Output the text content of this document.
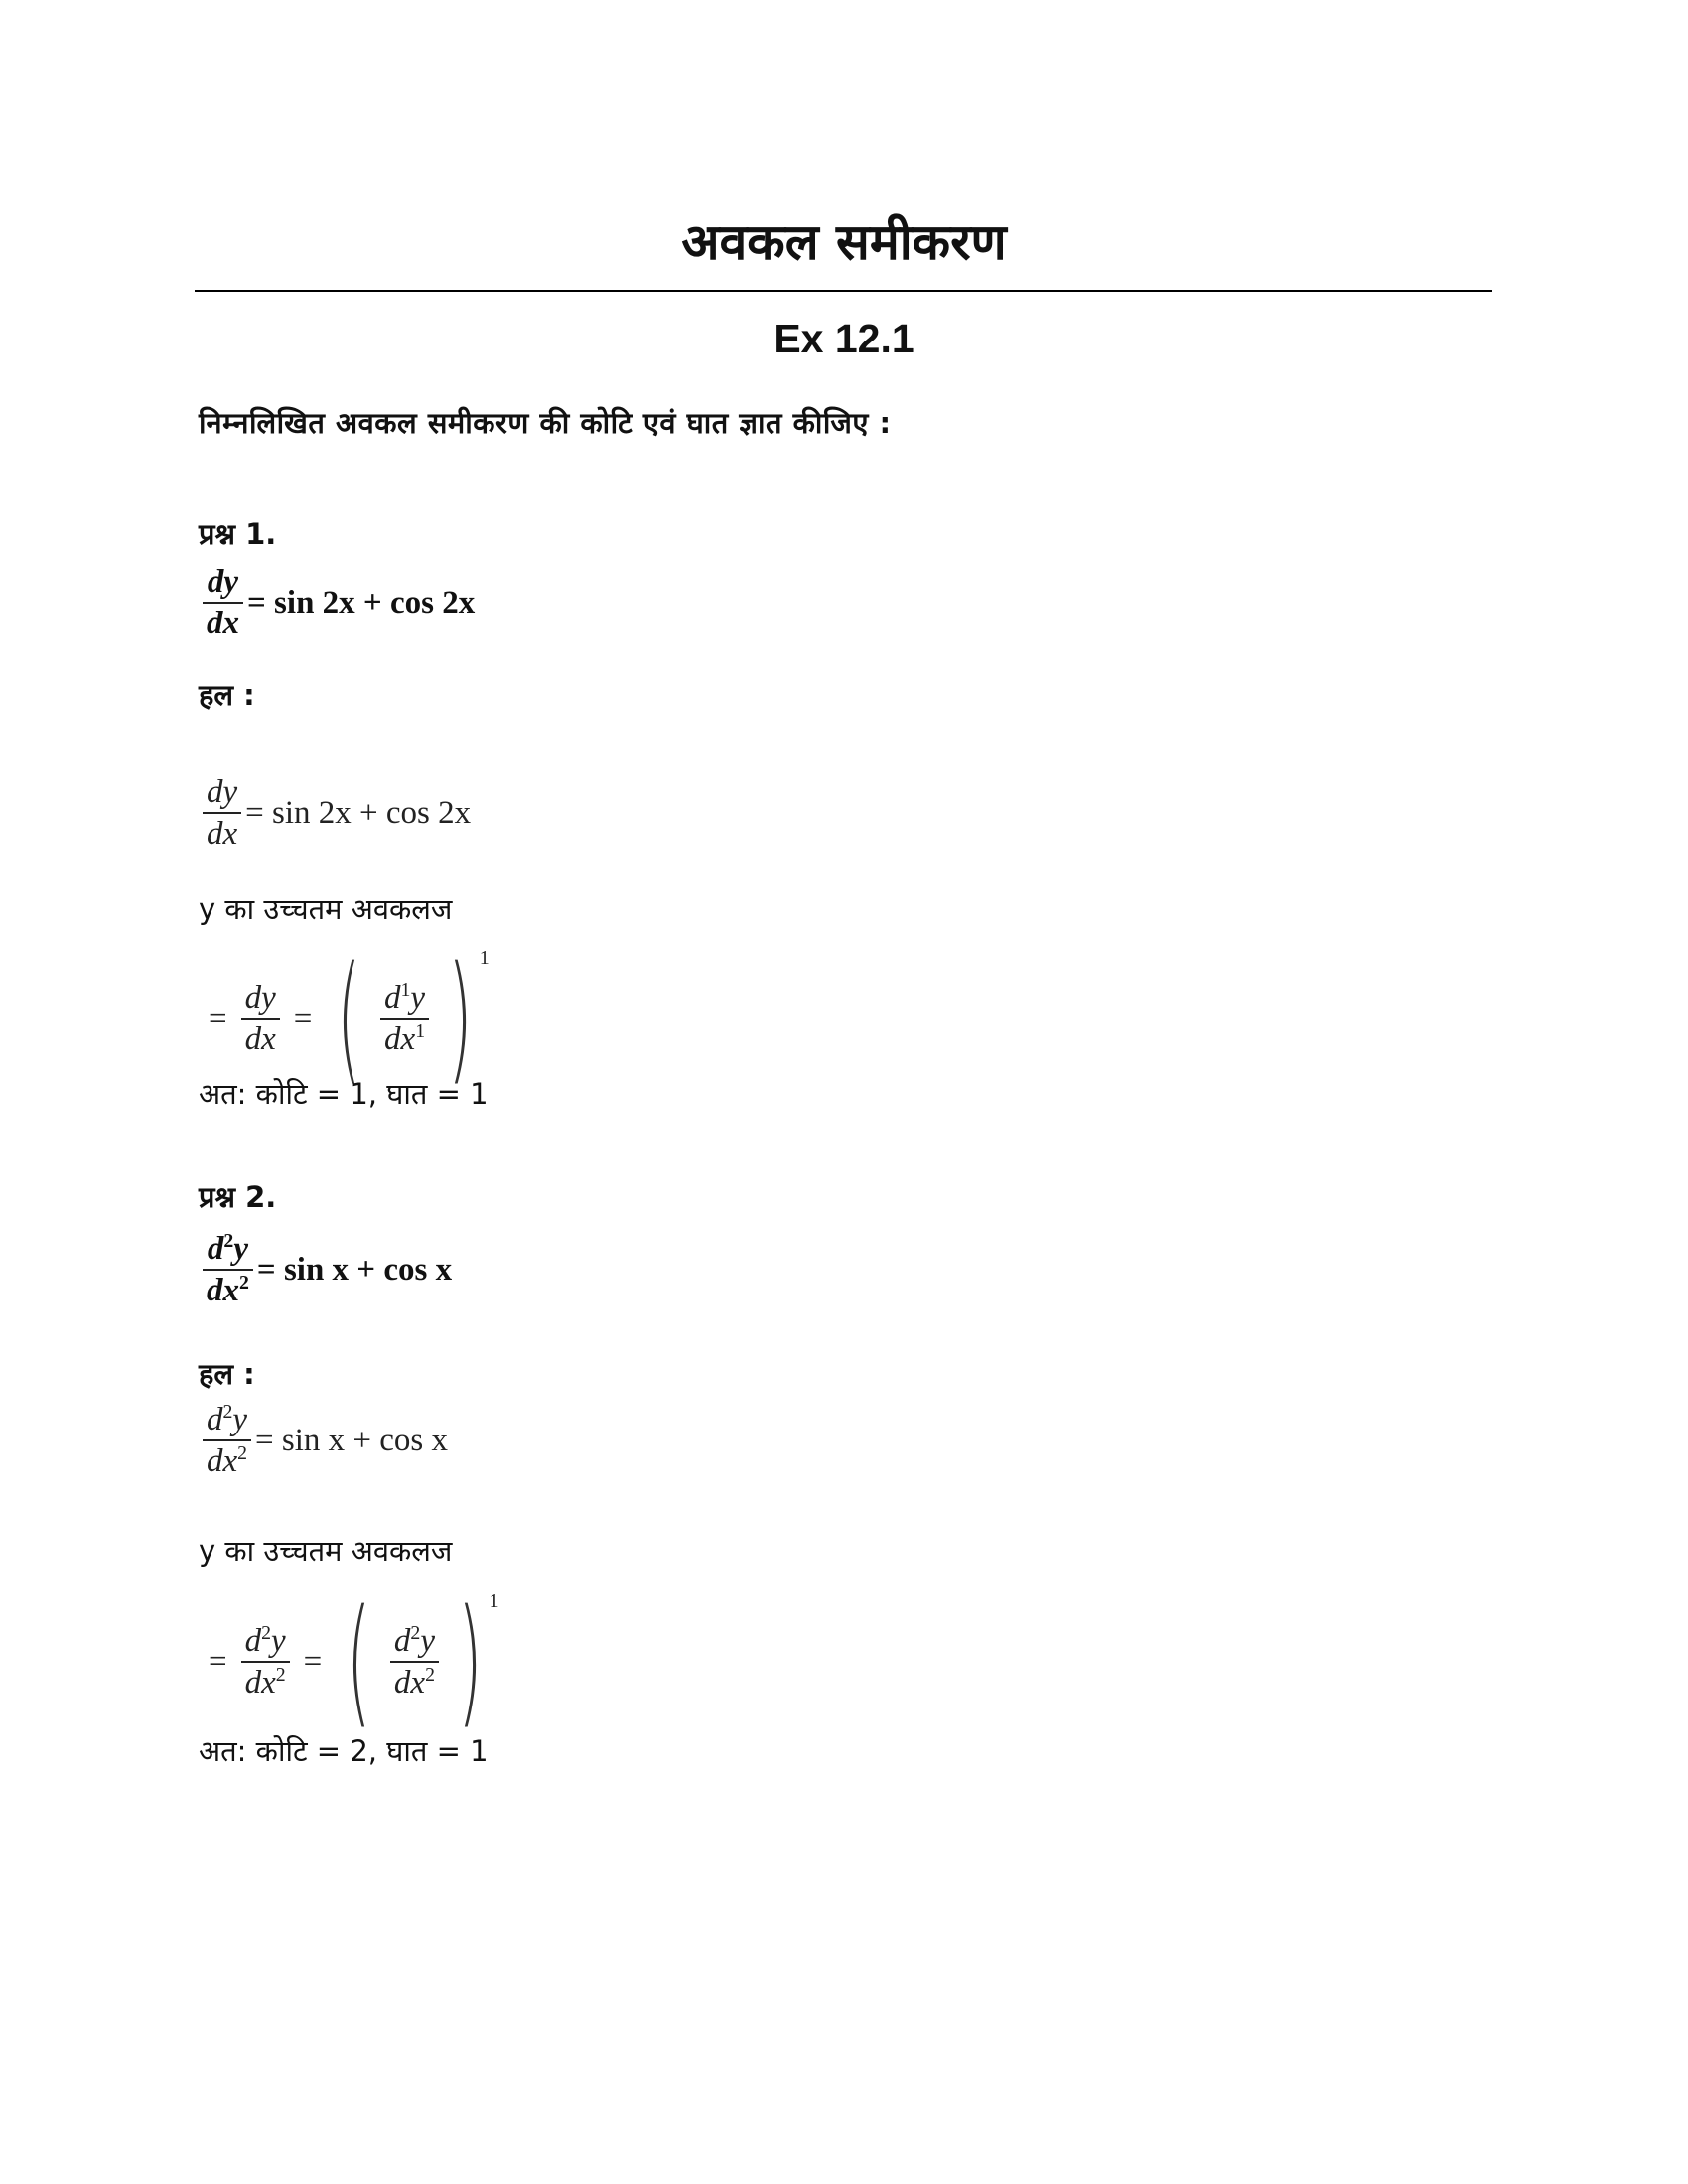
अवकल समीकरण
Ex 12.1
निम्नलिखित अवकल समीकरण की कोटि एवं घात ज्ञात कीजिए :
प्रश्न 1.
$\frac{dy}{dx} = \sin 2x + \cos 2x$
हल :
$\frac{dy}{dx} = \sin 2x + \cos 2x$
y का उच्चतम अवकलज
= $\frac{dy}{dx}$ = ( $\frac{d^1y}{dx^1}$ ) 1
अत: कोटि = 1, घात = 1
प्रश्न 2.
$\frac{d^2y}{dx^2} = \sin x + \cos x$
हल :
$\frac{d^2y}{dx^2} = \sin x + \cos x$
y का उच्चतम अवकलज
= $\frac{d^2y}{dx^2}$ = ( $\frac{d^2y}{dx^2}$ ) 1
अत: कोटि = 2, घात = 1
